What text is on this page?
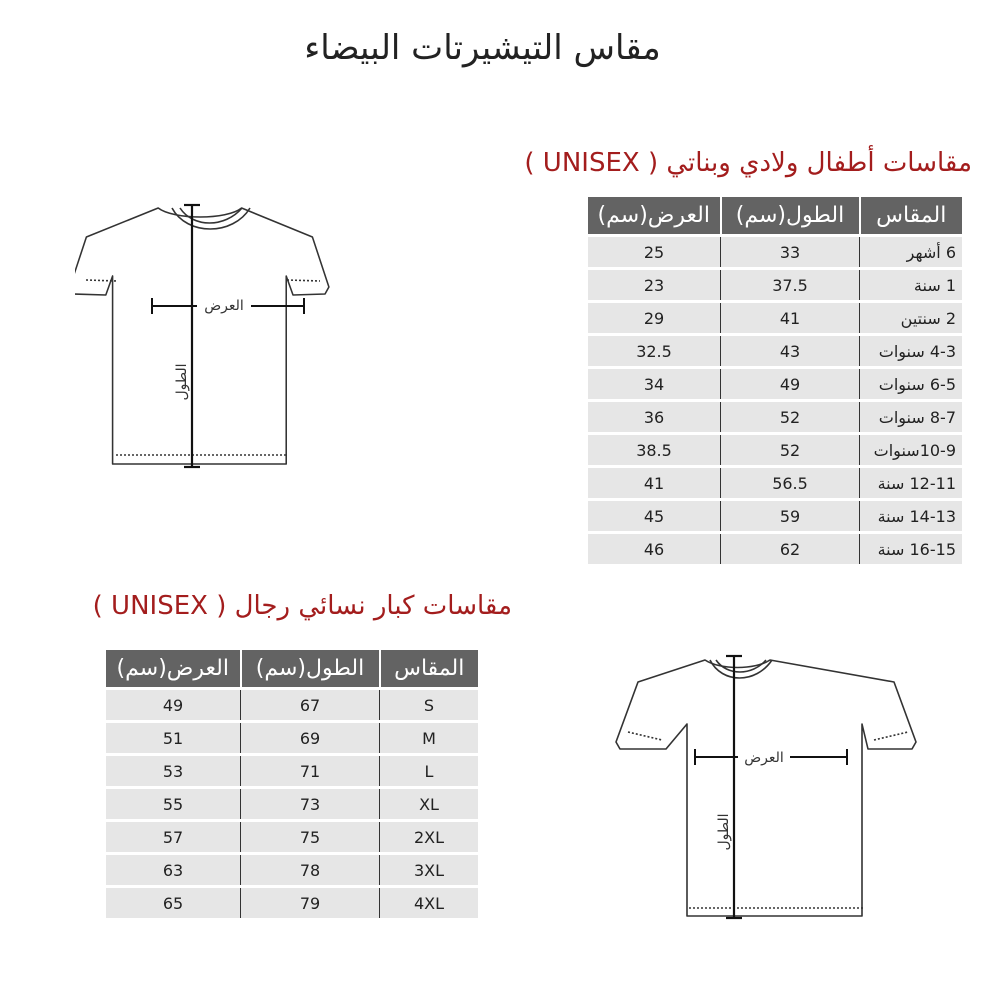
مقاس التيشيرتات البيضاء
مقاسات أطفال ولادي وبناتي ( UNISEX )
المقاس	الطول(سم)	العرض(سم)
6 أشهر	33	25
1 سنة	37.5	23
2 سنتين	41	29
4-3 سنوات	43	32.5
6-5 سنوات	49	34
8-7 سنوات	52	36
10-9سنوات	52	38.5
12-11 سنة	56.5	41
14-13 سنة	59	45
16-15 سنة	62	46
مقاسات كبار نسائي رجال ( UNISEX )
المقاس	الطول(سم)	العرض(سم)
S	67	49
M	69	51
L	71	53
XL	73	55
2XL	75	57
3XL	78	63
4XL	79	65
العرض
الطول
العرض
الطول
